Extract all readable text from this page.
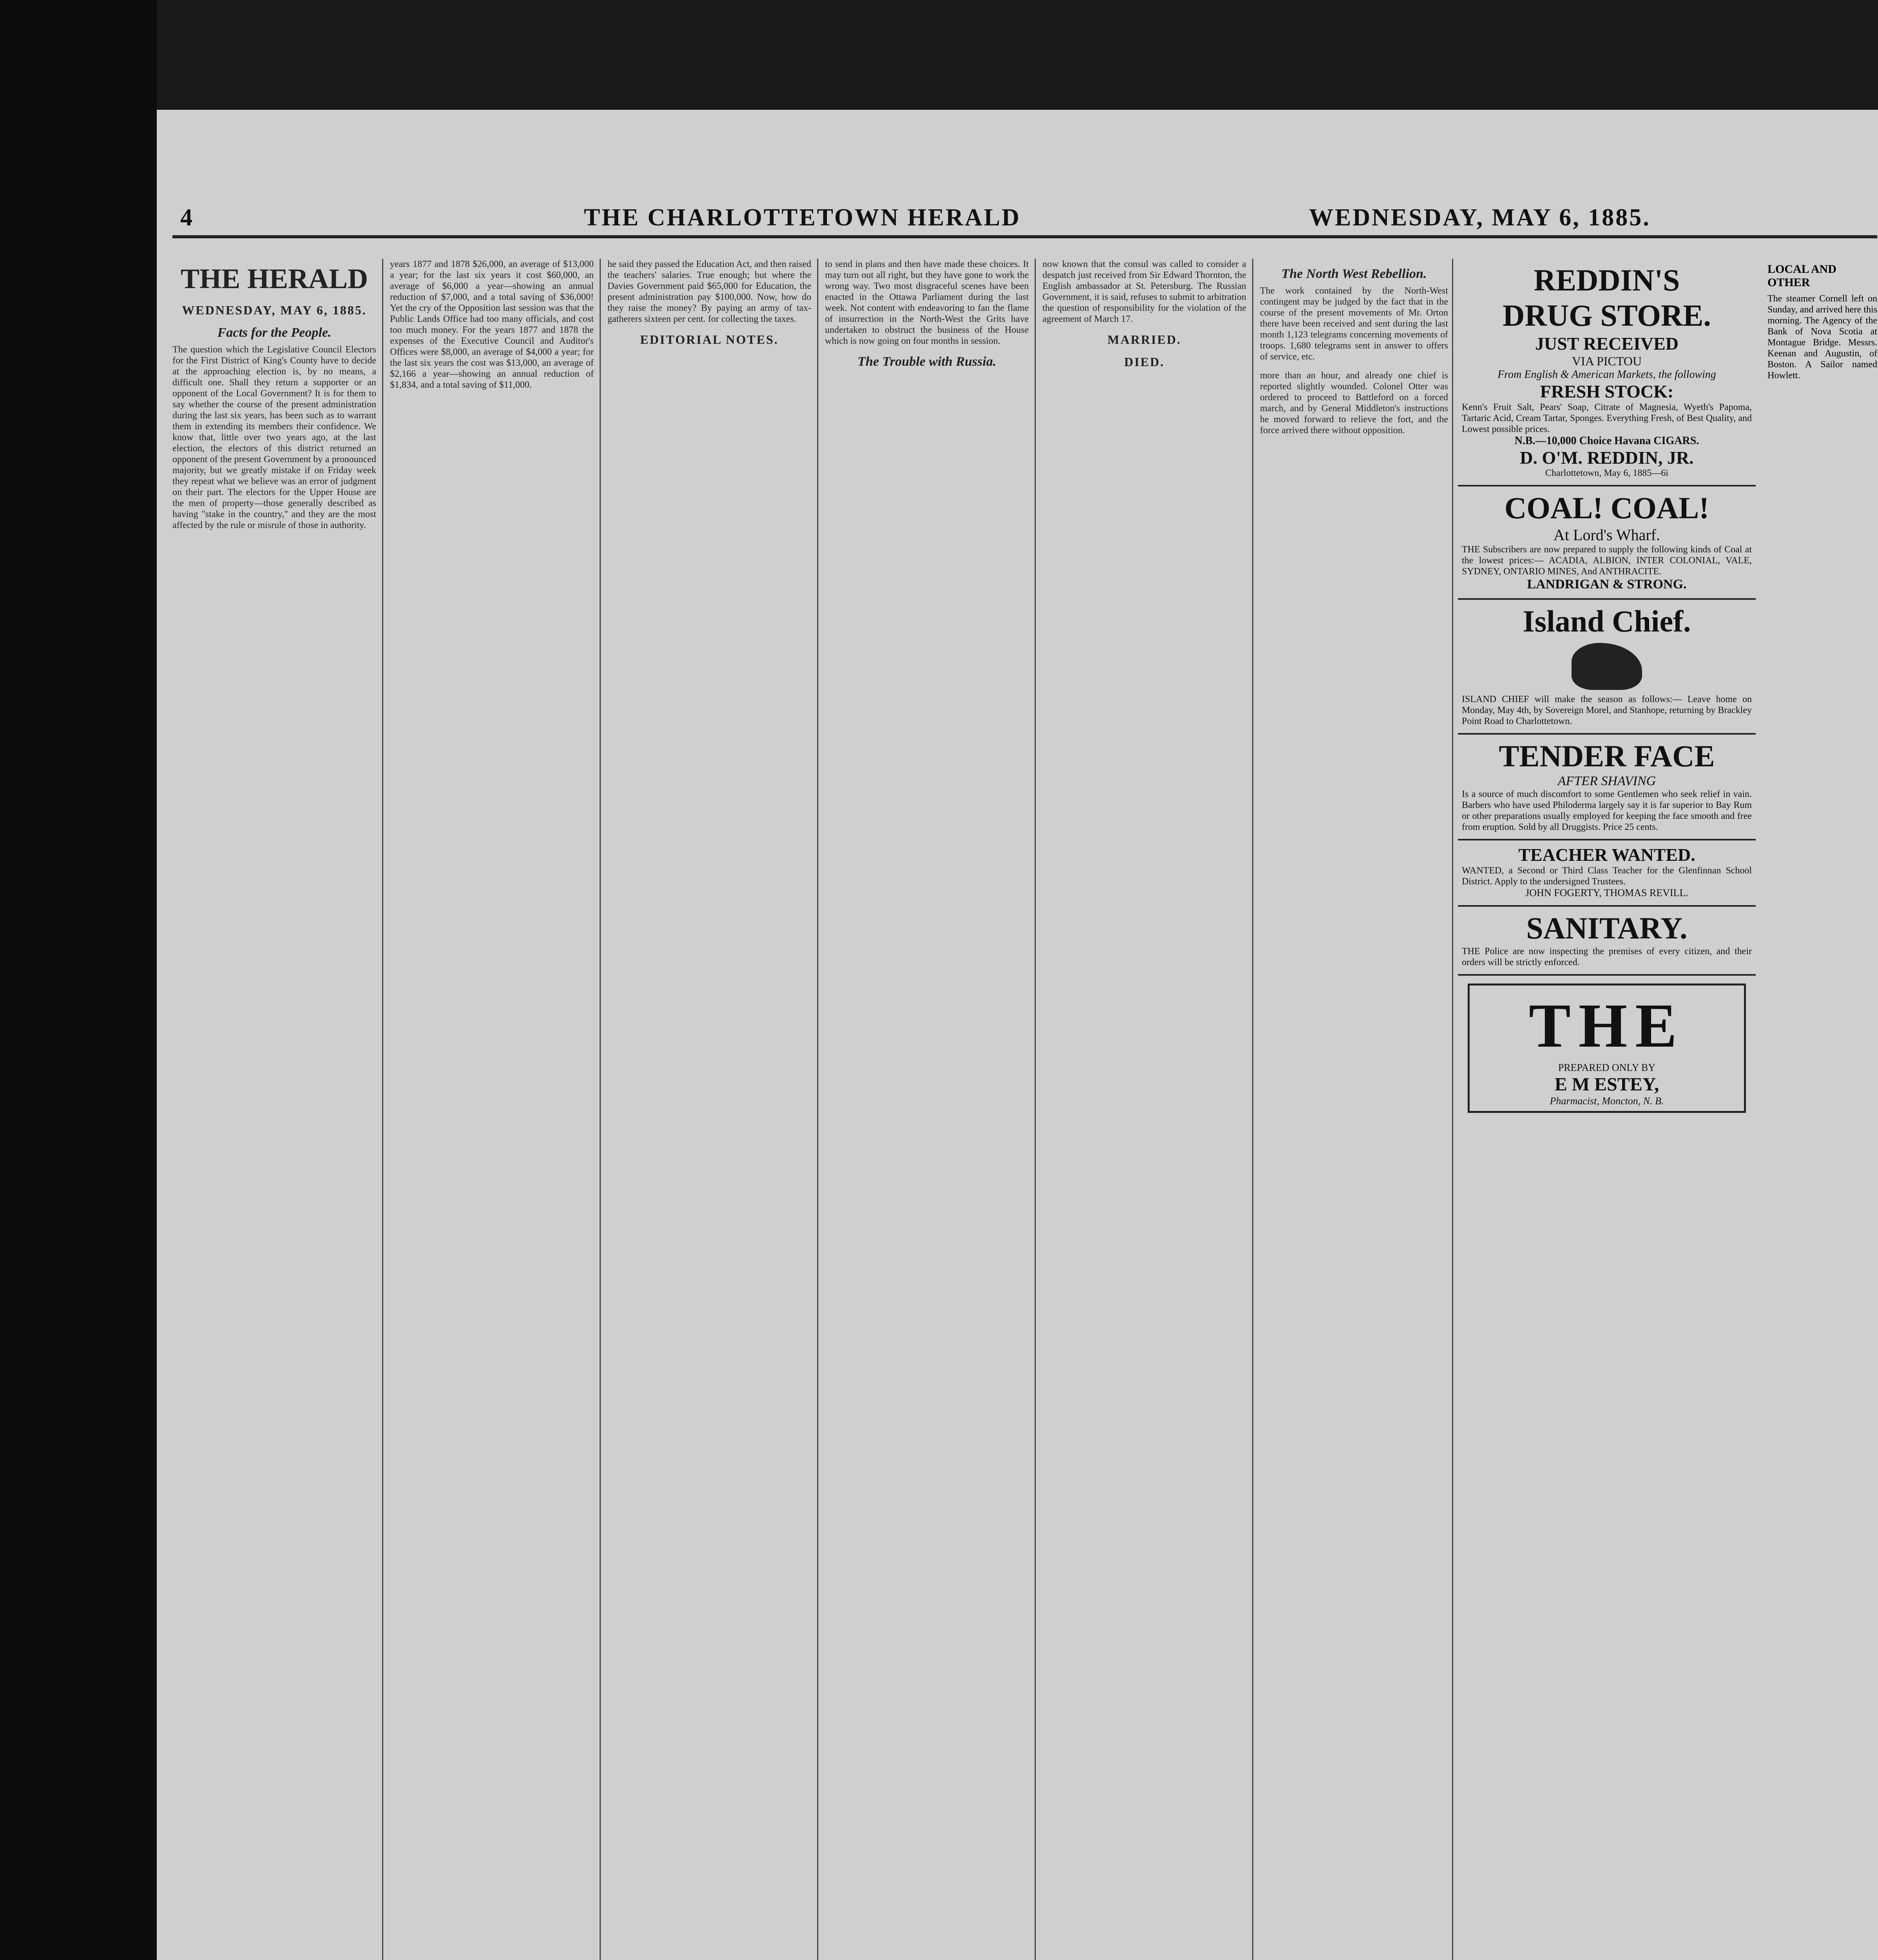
4	THE CHARLOTTETOWN HERALD	WEDNESDAY, MAY 6, 1885.
THE HERALD
WEDNESDAY, MAY 6, 1885.
Facts for the People.

The question which the Legislative Council Electors for the First District of King's County have to decide at the approaching election is, by no means, a difficult one. Shall they return a supporter or an opponent of the Local Government? It is for them to say whether the course of the present administration during the last six years, has been such as to warrant them in extending its members their confidence. We know that, little over two years ago, at the last election, the electors of this district returned an opponent of the present Government by a pronounced majority, but we greatly mistake if on Friday week they repeat what we believe was an error of judgment on their part. The electors for the Upper House are the men of property—those generally described as having "stake in the country," and they are the most affected by the rule or misrule of those in authority.

years 1877 and 1878 $26,000, an average of $13,000 a year; for the last six years it cost $60,000, an average of $6,000 a year—showing an annual reduction of $7,000, and a total saving of $36,000! Yet the cry of the Opposition last session was that the Public Lands Office had too many officials, and cost too much money. For the years 1877 and 1878 the expenses of the Executive Council and Auditor's Offices were $8,000, an average of $4,000 a year; for the last six years the cost was $13,000, an average of $2,166 a year—showing an annual reduction of $1,834, and a total saving of $11,000.

he said they passed the Education Act, and then raised the teachers' salaries. True enough; but where the Davies Government paid $65,000 for Education, the present administration pay $100,000. Now, how do they raise the money? By paying an army of tax-gatherers sixteen per cent. for collecting the taxes.

EDITORIAL NOTES.

to send in plans and then have made these choices. It may turn out all right, but they have gone to work the wrong way. Two most disgraceful scenes have been enacted in the Ottawa Parliament during the last week. Not content with endeavoring to fan the flame of insurrection in the North-West the Grits have undertaken to obstruct the business of the House which is now going on four months in session.

The Trouble with Russia.

now known that the consul was called to consider a despatch just received from Sir Edward Thornton, the English ambassador at St. Petersburg. The Russian Government, it is said, refuses to submit to arbitration the question of responsibility for the violation of the agreement of March 17.

MARRIED.
DIED.
The North West Rebellion.

The work contained by the North-West contingent may be judged by the fact that in the course of the present movements of Mr. Orton there have been received and sent during the last month 1,123 telegrams concerning movements of troops. 1,680 telegrams sent in answer to offers of service, etc.

more than an hour, and already one chief is reported slightly wounded. Colonel Otter was ordered to proceed to Battleford on a forced march, and by General Middleton's instructions he moved forward to relieve the fort, and the force arrived there without opposition.

REDDIN'S
DRUG STORE.
JUST RECEIVED
VIA PICTOU
From English & American Markets, the following
FRESH STOCK:
Kenn's Fruit Salt, Pears' Soap, Citrate of Magnesia, Wyeth's Papoma, Tartaric Acid, Cream Tartar, Sponges. Everything Fresh, of Best Quality, and Lowest possible prices.
N.B.—10,000 Choice Havana CIGARS.
D. O'M. REDDIN, JR.
Charlottetown, May 6, 1885—6i
COAL! COAL!
At Lord's Wharf.
THE Subscribers are now prepared to supply the following kinds of Coal at the lowest prices:— ACADIA, ALBION, INTER COLONIAL, VALE, SYDNEY, ONTARIO MINES, And ANTHRACITE.
LANDRIGAN & STRONG.
Island Chief.
ISLAND CHIEF will make the season as follows:— Leave home on Monday, May 4th, by Sovereign Morel, and Stanhope, returning by Brackley Point Road to Charlottetown.
TENDER FACE
AFTER SHAVING
Is a source of much discomfort to some Gentlemen who seek relief in vain. Barbers who have used Philoderma largely say it is far superior to Bay Rum or other preparations usually employed for keeping the face smooth and free from eruption. Sold by all Druggists. Price 25 cents.
TEACHER WANTED.
WANTED, a Second or Third Class Teacher for the Glenfinnan School District. Apply to the undersigned Trustees.
JOHN FOGERTY, THOMAS REVILL.
SANITARY.
THE Police are now inspecting the premises of every citizen, and their orders will be strictly enforced.
THE
PREPARED ONLY BY
E M ESTEY,
Pharmacist, Moncton, N. B.
LOCAL AND OTHER

The steamer Cornell left on Sunday, and arrived here this morning. The Agency of the Bank of Nova Scotia at Montague Bridge. Messrs. Keenan and Augustin, of Boston. A Sailor named Howlett.
